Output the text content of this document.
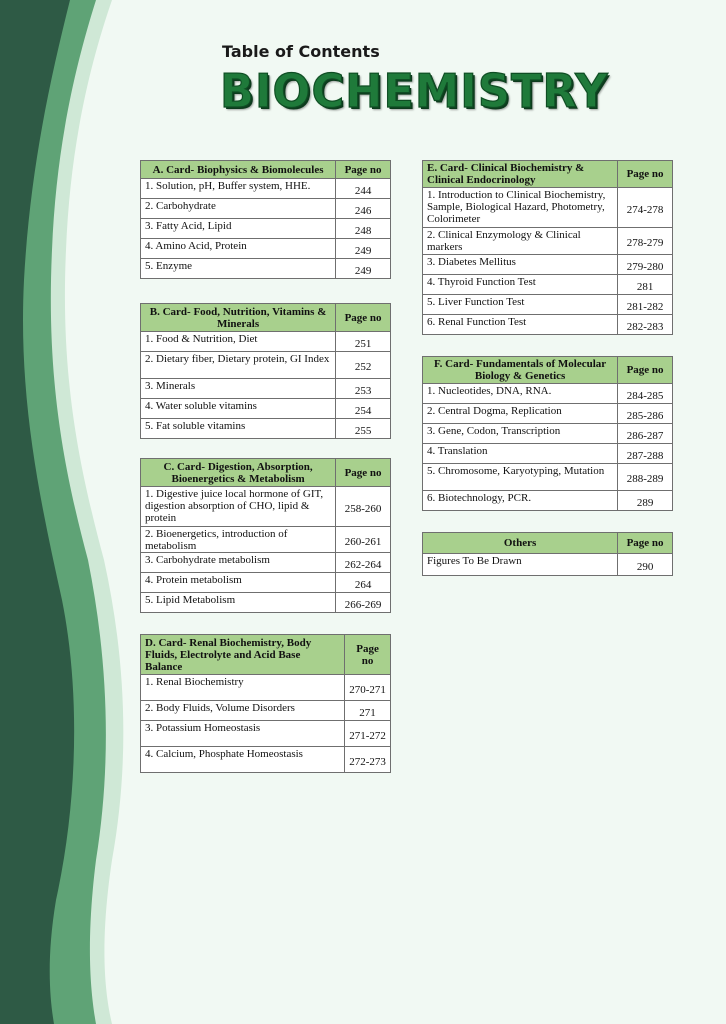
Table of Contents
BIOCHEMISTRY
A. Card- Biophysics & Biomolecules	Page no
1. Solution, pH, Buffer system, HHE.	244
2. Carbohydrate	246
3. Fatty Acid, Lipid	248
4. Amino Acid, Protein	249
5. Enzyme	249
B. Card- Food, Nutrition, Vitamins & Minerals	Page no
1. Food & Nutrition, Diet	251
2. Dietary fiber, Dietary protein, GI Index	252
3. Minerals	253
4. Water soluble vitamins	254
5. Fat soluble vitamins	255
C. Card- Digestion, Absorption, Bioenergetics & Metabolism	Page no
1. Digestive juice local hormone of GIT, digestion absorption of CHO, lipid & protein	258-260
2. Bioenergetics, introduction of metabolism	260-261
3. Carbohydrate metabolism	262-264
4. Protein metabolism	264
5. Lipid Metabolism	266-269
D. Card- Renal Biochemistry, Body Fluids, Electrolyte and Acid Base Balance	Page no
1. Renal Biochemistry	270-271
2. Body Fluids, Volume Disorders	271
3. Potassium Homeostasis	271-272
4. Calcium, Phosphate Homeostasis	272-273
E. Card- Clinical Biochemistry & Clinical Endocrinology	Page no
1. Introduction to Clinical Biochemistry, Sample, Biological Hazard, Photometry, Colorimeter	274-278
2. Clinical Enzymology & Clinical markers	278-279
3. Diabetes Mellitus	279-280
4. Thyroid Function Test	281
5. Liver Function Test	281-282
6. Renal Function Test	282-283
F. Card- Fundamentals of Molecular Biology & Genetics	Page no
1. Nucleotides, DNA, RNA.	284-285
2. Central Dogma, Replication	285-286
3. Gene, Codon, Transcription	286-287
4. Translation	287-288
5. Chromosome, Karyotyping, Mutation	288-289
6. Biotechnology, PCR.	289
Others	Page no
Figures To Be Drawn	290
